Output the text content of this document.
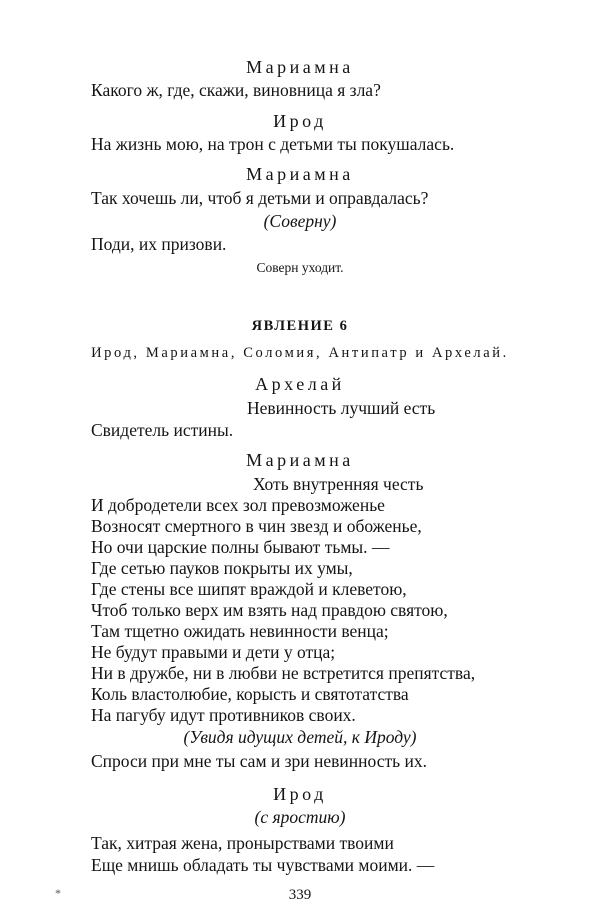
Мариамна
Какого ж, где, скажи, виновница я зла?
Ирод
На жизнь мою, на трон с детьми ты покушалась.
Мариамна
Так хочешь ли, чтоб я детьми и оправдалась?
(Соверну)
Поди, их призови.
Соверн уходит.
ЯВЛЕНИЕ 6
Ирод, Мариамна, Соломия, Антипатр и Архелай.
Архелай
Невинность лучший есть
Свидетель истины.
Мариамна
Хоть внутренняя честь
И добродетели всех зол превозможенье
Возносят смертного в чин звезд и обоженье,
Но очи царские полны бывают тьмы. —
Где сетью пауков покрыты их умы,
Где стены все шипят враждой и клеветою,
Чтоб только верх им взять над правдою святою,
Там тщетно ожидать невинности венца;
Не будут правыми и дети у отца;
Ни в дружбе, ни в любви не встретится препятства,
Коль властолюбие, корысть и святотатства
На пагубу идут противников своих.
(Увидя идущих детей, к Ироду)
Спроси при мне ты сам и зри невинность их.
Ирод
(с яростию)
Так, хитрая жена, пронырствами твоими
Еще мнишь обладать ты чувствами моими. —
*	339
